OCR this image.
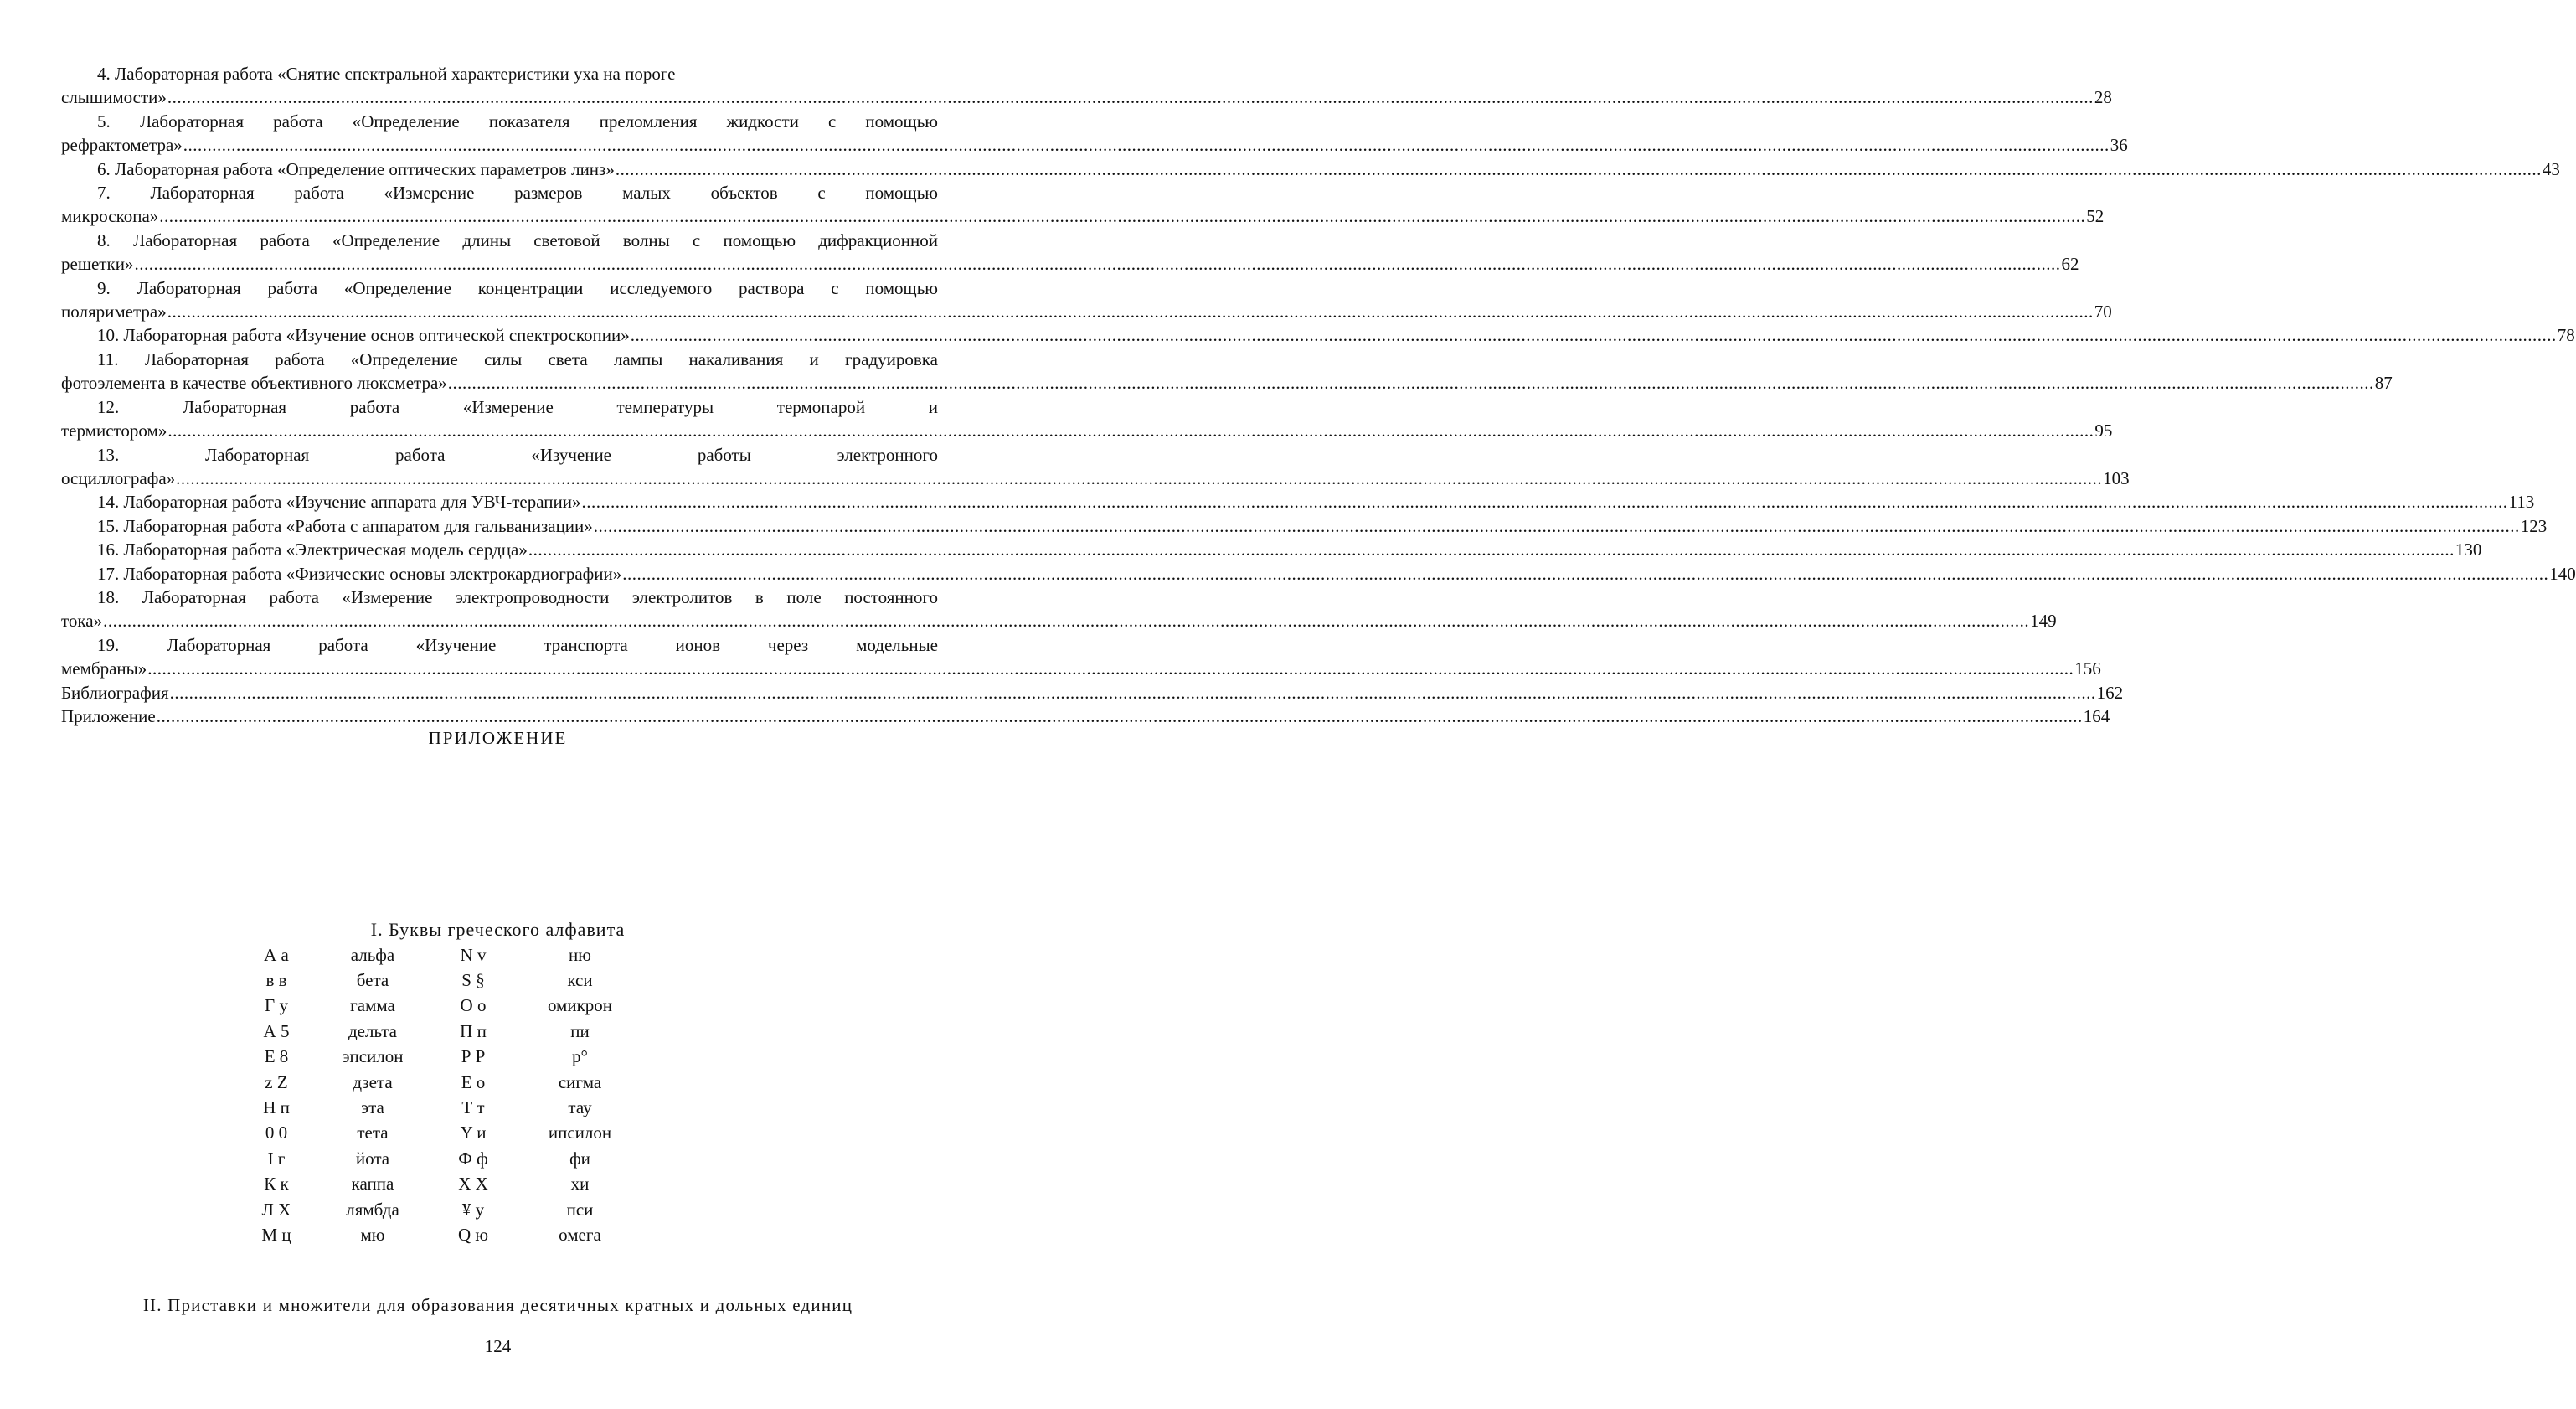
4. Лабораторная работа «Снятие спектральной характеристики уха на пороге
слышимости» ................................................................................................................................................................................................................................................................................................................................................................................................................ 28
5. Лабораторная работа «Определение показателя преломления жидкости с помощью
рефрактометра» ................................................................................................................................................................................................................................................................................................................................................................................................................ 36
6. Лабораторная работа «Определение оптических параметров линз» ................................................................................................................................................................................................................................................................................................................................................................................................................ 43
7. Лабораторная работа «Измерение размеров малых объектов с помощью
микроскопа» ................................................................................................................................................................................................................................................................................................................................................................................................................ 52
8. Лабораторная работа «Определение длины световой волны с помощью дифракционной
решетки» ................................................................................................................................................................................................................................................................................................................................................................................................................ 62
9. Лабораторная работа «Определение концентрации исследуемого раствора с помощью
поляриметра» ................................................................................................................................................................................................................................................................................................................................................................................................................ 70
10. Лабораторная работа «Изучение основ оптической спектроскопии» ................................................................................................................................................................................................................................................................................................................................................................................................................ 78
11. Лабораторная работа «Определение силы света лампы накаливания и градуировка
фотоэлемента в качестве объективного люксметра» ................................................................................................................................................................................................................................................................................................................................................................................................................ 87
12. Лабораторная работа «Измерение температуры термопарой и
термистором» ................................................................................................................................................................................................................................................................................................................................................................................................................ 95
13. Лабораторная работа «Изучение работы электронного
осциллографа» ................................................................................................................................................................................................................................................................................................................................................................................................................ 103
14. Лабораторная работа «Изучение аппарата для УВЧ-терапии» ................................................................................................................................................................................................................................................................................................................................................................................................................ 113
15. Лабораторная работа «Работа с аппаратом для гальванизации» ................................................................................................................................................................................................................................................................................................................................................................................................................ 123
16. Лабораторная работа «Электрическая модель сердца» ................................................................................................................................................................................................................................................................................................................................................................................................................ 130
17. Лабораторная работа «Физические основы электрокардиографии» ................................................................................................................................................................................................................................................................................................................................................................................................................ 140
18. Лабораторная работа «Измерение электропроводности электролитов в поле постоянного
тока» ................................................................................................................................................................................................................................................................................................................................................................................................................ 149
19. Лабораторная работа «Изучение транспорта ионов через модельные
мембраны» ................................................................................................................................................................................................................................................................................................................................................................................................................ 156
Библиография ................................................................................................................................................................................................................................................................................................................................................................................................................ 162
Приложение ................................................................................................................................................................................................................................................................................................................................................................................................................ 164
ПРИЛОЖЕНИЕ
I. Буквы греческого алфавита
А а	альфа	N v	ню
в в	бета	S §	кси
Г у	гамма	О о	омикрон
А 5	дельта	П п	пи
Е 8	эпсилон	Р Р	р°
z Z	дзета	Е о	сигма
Н п	эта	Т т	тау
0 0	тета	Y и	ипсилон
I г	йота	Ф ф	фи
К к	каппа	X X	хи
Л Х	лямбда	¥ у	пси
М ц	мю	Q ю	омега
II. Приставки и множители для образования десятичных кратных и дольных единиц
124
